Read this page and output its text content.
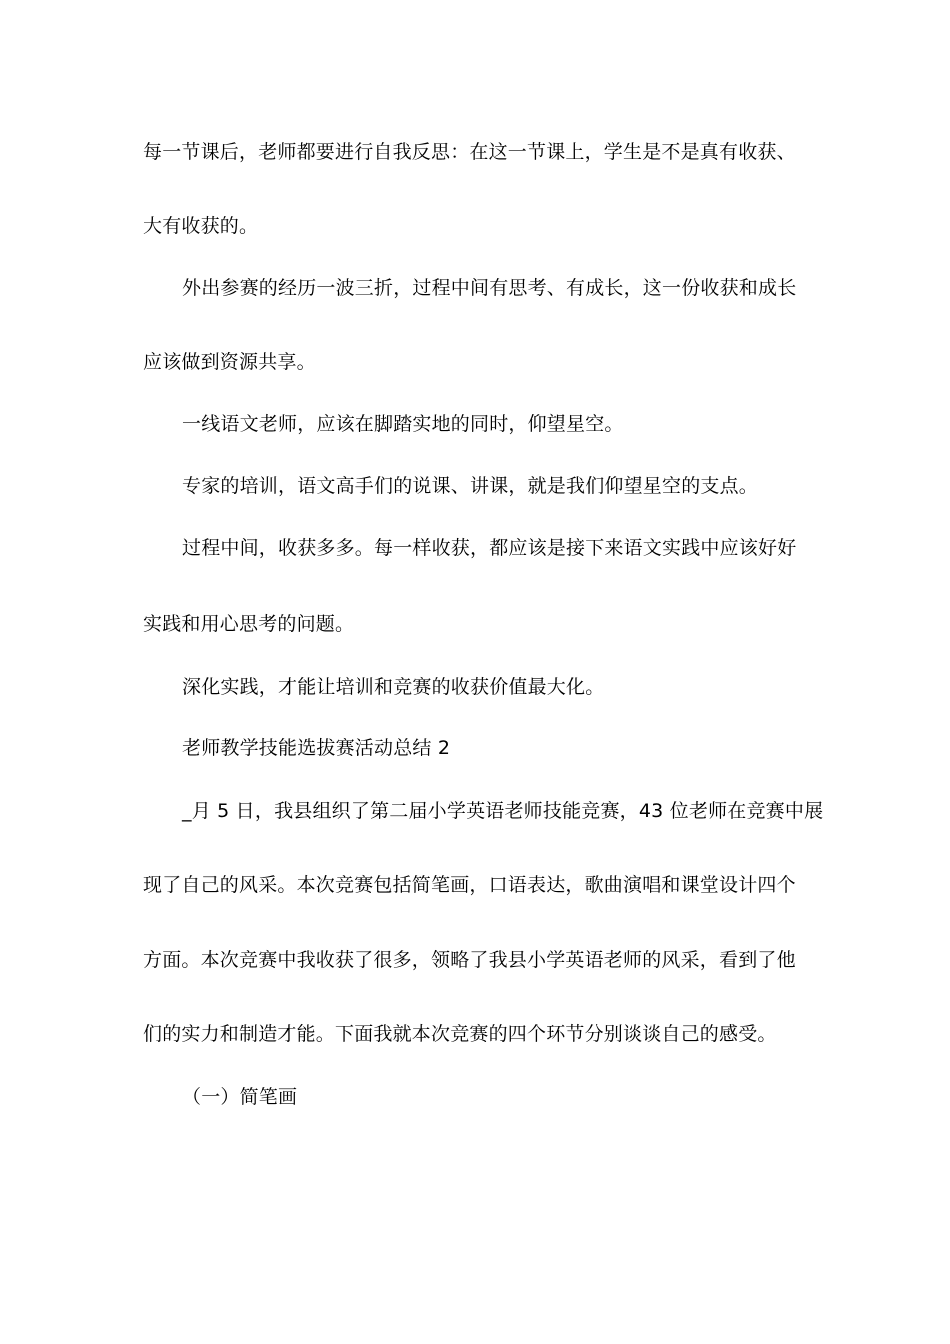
每一节课后，老师都要进行自我反思：在这一节课上，学生是不是真有收获、
大有收获的。
外出参赛的经历一波三折，过程中间有思考、有成长，这一份收获和成长
应该做到资源共享。
一线语文老师，应该在脚踏实地的同时，仰望星空。
专家的培训，语文高手们的说课、讲课，就是我们仰望星空的支点。
过程中间，收获多多。每一样收获，都应该是接下来语文实践中应该好好
实践和用心思考的问题。
深化实践，才能让培训和竞赛的收获价值最大化。
老师教学技能选拔赛活动总结 2
_月 5 日，我县组织了第二届小学英语老师技能竞赛，43 位老师在竞赛中展
现了自己的风采。本次竞赛包括简笔画，口语表达，歌曲演唱和课堂设计四个
方面。本次竞赛中我收获了很多，领略了我县小学英语老师的风采，看到了他
们的实力和制造才能。下面我就本次竞赛的四个环节分别谈谈自己的感受。
（一）简笔画
